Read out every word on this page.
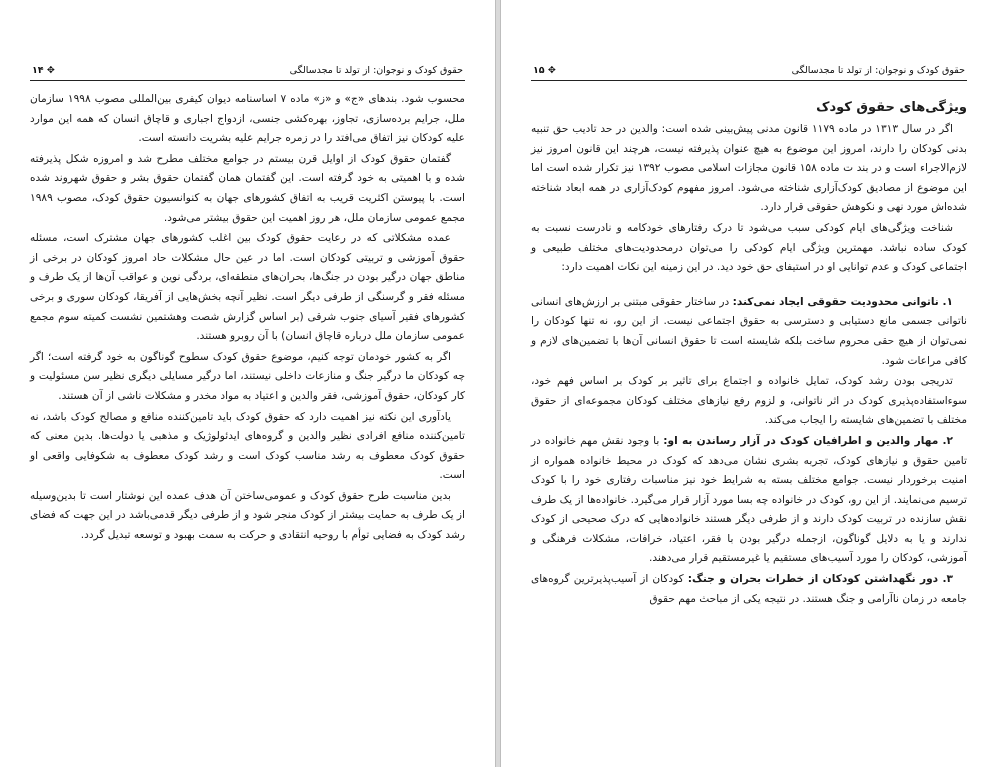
۱۴ ✥	حقوق کودک و نوجوان: از تولد تا مجدسالگی

محسوب شود. بندهای «ج» و «ز» ماده ۷ اساسنامه دیوان کیفری بین‌المللی مصوب ۱۹۹۸ سازمان ملل، جرایم برده‌سازی، تجاوز، بهره‌کشی جنسی، ازدواج اجباری و قاچاق انسان که همه این موارد علیه کودکان نیز اتفاق می‌افتد را در زمره جرایم علیه بشریت دانسته است.

گفتمان حقوق کودک از اوایل قرن بیستم در جوامع مختلف مطرح شد و امروزه شکل پذیرفته شده و با اهمیتی به خود گرفته است. این گفتمان همان گفتمان حقوق بشر و حقوق شهروند شده است. با پیوستن اکثریت قریب به اتفاق کشورهای جهان به کنوانسیون حقوق کودک، مصوب ۱۹۸۹ مجمع عمومی سازمان ملل، هر روز اهمیت این حقوق بیشتر می‌شود.

عمده مشکلاتی که در رعایت حقوق کودک بین اغلب کشورهای جهان مشترک است، مسئله حقوق آموزشی و تربیتی کودکان است. اما در عین حال مشکلات حاد امروز کودکان در برخی از مناطق جهان درگیر بودن در جنگ‌ها، بحران‌های منطقه‌ای، بردگی نوین و عواقب آن‌ها از یک طرف و مسئله فقر و گرسنگی از طرفی دیگر است. نظیر آنچه بخش‌هایی از آفریقا، کودکان سوری و برخی کشورهای فقیر آسیای جنوب شرقی (بر اساس گزارش شصت وهشتمین نشست کمیته سوم مجمع عمومی سازمان ملل درباره قاچاق انسان) با آن روبرو هستند.

اگر به کشور خودمان توجه کنیم، موضوع حقوق کودک سطوح گوناگون به خود گرفته است؛ اگر چه کودکان ما درگیر جنگ و منازعات داخلی نیستند، اما درگیر مسایلی دیگری نظیر سن مسئولیت و کار کودکان، حقوق آموزشی، فقر والدین و اعتیاد به مواد مخدر و مشکلات ناشی از آن هستند.

یادآوری این نکته نیز اهمیت دارد که حقوق کودک باید تامین‌کننده منافع و مصالح کودک باشد، نه تامین‌کننده منافع افرادی نظیر والدین و گروه‌های ایدئولوژیک و مذهبی یا دولت‌ها. بدین معنی که حقوق کودک معطوف به رشد مناسب کودک است و رشد کودک معطوف به شکوفایی واقعی او است.

بدین مناسبت طرح حقوق کودک و عمومی‌ساختن آن هدف عمده این نوشتار است تا بدین‌وسیله از یک طرف به حمایت بیشتر از کودک منجر شود و از طرفی دیگر قدمی‌باشد در این جهت که فضای رشد کودک به فضایی توأم با روحیه انتقادی و حرکت به سمت بهبود و توسعه تبدیل گردد.

۱۵ ✥	حقوق کودک و نوجوان: از تولد تا مجدسالگی
ویژگی‌های حقوق کودک

اگر در سال ۱۳۱۳ در ماده ۱۱۷۹ قانون مدنی پیش‌بینی شده است: والدین در حد تادیب حق تنبیه بدنی کودکان را دارند، امروز این موضوع به هیچ عنوان پذیرفته نیست، هرچند این قانون امروز نیز لازم‌الاجراء است و در بند ت ماده ۱۵۸ قانون مجازات اسلامی مصوب ۱۳۹۲ نیز تکرار شده است اما این موضوع از مصادیق کودک‌آزاری شناخته می‌شود. امروز مفهوم کودک‌آزاری در همه ابعاد شناخته شده‌اش مورد نهی و نکوهش حقوقی قرار دارد.

شناخت ویژگی‌های ایام کودکی سبب می‌شود تا درک رفتارهای خودکامه و نادرست نسبت به کودک ساده نباشد. مهمترین ویژگی ایام کودکی را می‌توان درمحدودیت‌های مختلف طبیعی و اجتماعی کودک و عدم توانایی او در استیفای حق خود دید. در این زمینه این نکات اهمیت دارد:

۱. ناتوانی محدودیت حقوقی ایجاد نمی‌کند: در ساختار حقوقی مبتنی بر ارزش‌های انسانی ناتوانی جسمی مانع دستیابی و دسترسی به حقوق اجتماعی نیست. از این رو، نه تنها کودکان را نمی‌توان از هیچ حقی محروم ساخت بلکه شایسته است تا حقوق انسانی آن‌ها با تضمین‌های لازم و کافی مراعات شود.

تدریجی بودن رشد کودک، تمایل خانواده و اجتماع برای تاثیر بر کودک بر اساس فهم خود، سوءاستفاده‌پذیری کودک در اثر ناتوانی، و لزوم رفع نیازهای مختلف کودکان مجموعه‌ای از حقوق مختلف با تضمین‌های شایسته را ایجاب می‌کند.

۲. مهار والدین و اطرافیان کودک در آزار رساندن به او: با وجود نقش مهم خانواده در تامین حقوق و نیازهای کودک، تجربه بشری نشان می‌دهد که کودک در محیط خانواده همواره از امنیت برخوردار نیست. جوامع مختلف بسته به شرایط خود نیز مناسبات رفتاری خود را با کودک ترسیم می‌نمایند. از این رو، کودک در خانواده چه بسا مورد آزار قرار می‌گیرد. خانواده‌ها از یک طرف نقش سازنده در تربیت کودک دارند و از طرفی دیگر هستند خانواده‌هایی که درک صحیحی از کودک ندارند و یا به دلایل گوناگون، ازجمله درگیر بودن با فقر، اعتیاد، خرافات، مشکلات فرهنگی و آموزشی، کودکان را مورد آسیب‌های مستقیم یا غیرمستقیم قرار می‌دهند.

۳. دور نگهداشتن کودکان از خطرات بحران و جنگ: کودکان از آسیب‌پذیرترین گروه‌های جامعه در زمان ناآرامی و جنگ هستند. در نتیجه یکی از مباحث مهم حقوق
